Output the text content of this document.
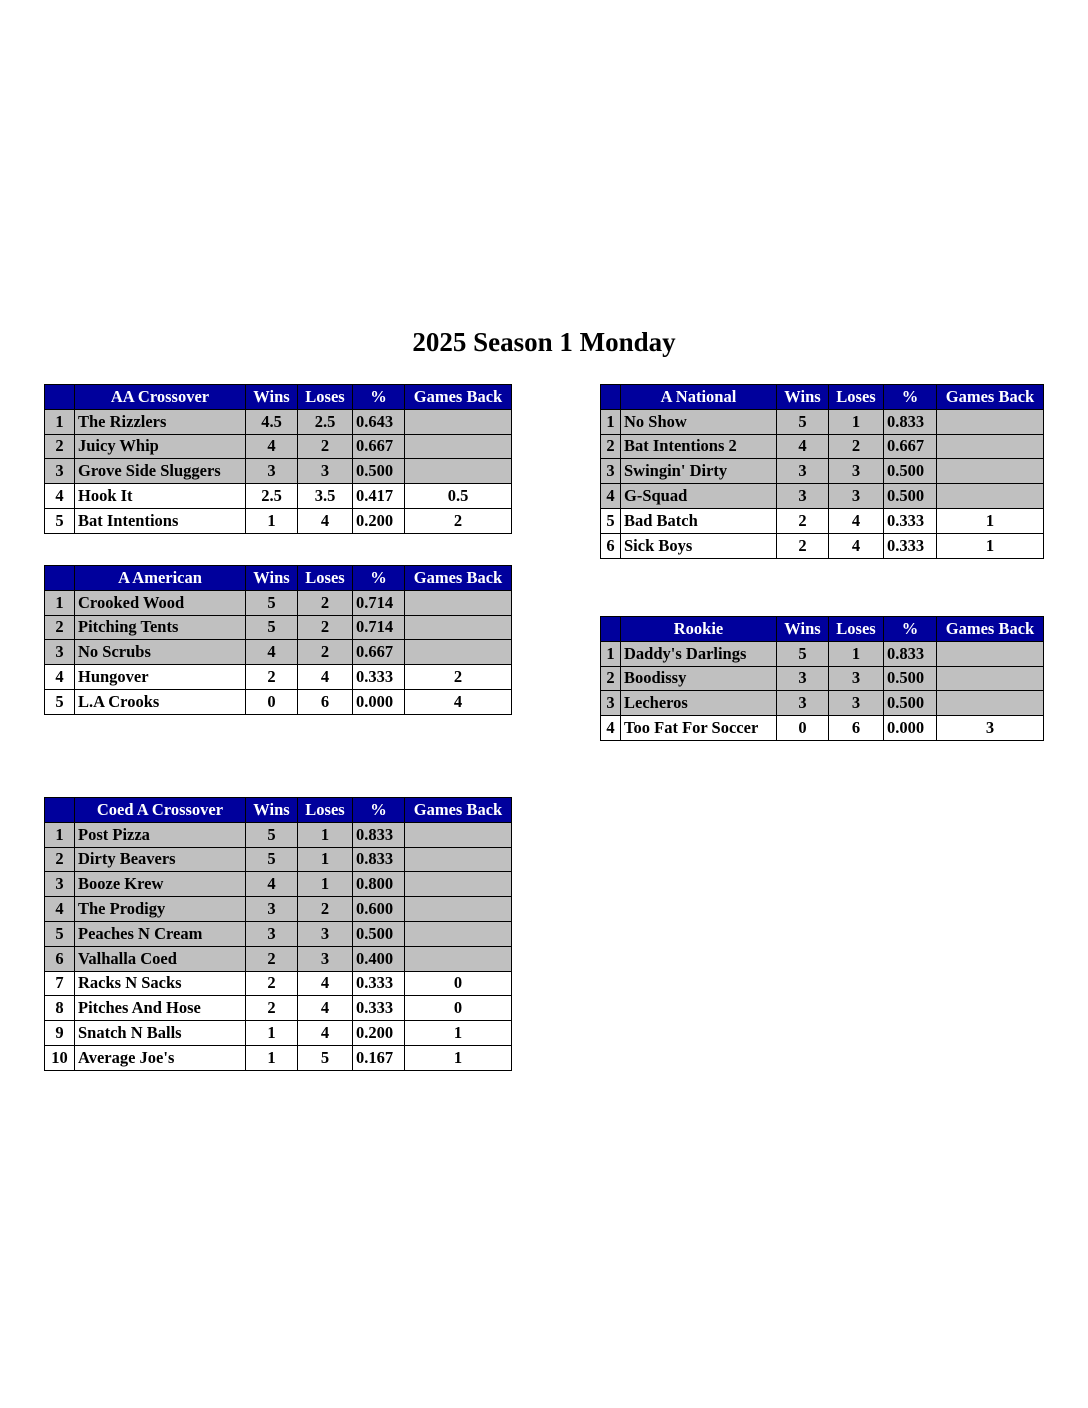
2025 Season 1 Monday
	AA Crossover	Wins	Loses	%	Games Back
1	The Rizzlers	4.5	2.5	0.643	
2	Juicy Whip	4	2	0.667	
3	Grove Side Sluggers	3	3	0.500	
4	Hook It	2.5	3.5	0.417	0.5
5	Bat Intentions	1	4	0.200	2
	A American	Wins	Loses	%	Games Back
1	Crooked Wood	5	2	0.714	
2	Pitching Tents	5	2	0.714	
3	No Scrubs	4	2	0.667	
4	Hungover	2	4	0.333	2
5	L.A Crooks	0	6	0.000	4
	Coed A Crossover	Wins	Loses	%	Games Back
1	Post Pizza	5	1	0.833	
2	Dirty Beavers	5	1	0.833	
3	Booze Krew	4	1	0.800	
4	The Prodigy	3	2	0.600	
5	Peaches N Cream	3	3	0.500	
6	Valhalla Coed	2	3	0.400	
7	Racks N Sacks	2	4	0.333	0
8	Pitches And Hose	2	4	0.333	0
9	Snatch N Balls	1	4	0.200	1
10	Average Joe's	1	5	0.167	1
	A National	Wins	Loses	%	Games Back
1	No Show	5	1	0.833	
2	Bat Intentions 2	4	2	0.667	
3	Swingin' Dirty	3	3	0.500	
4	G-Squad	3	3	0.500	
5	Bad Batch	2	4	0.333	1
6	Sick Boys	2	4	0.333	1
	Rookie	Wins	Loses	%	Games Back
1	Daddy's Darlings	5	1	0.833	
2	Boodissy	3	3	0.500	
3	Lecheros	3	3	0.500	
4	Too Fat For Soccer	0	6	0.000	3
